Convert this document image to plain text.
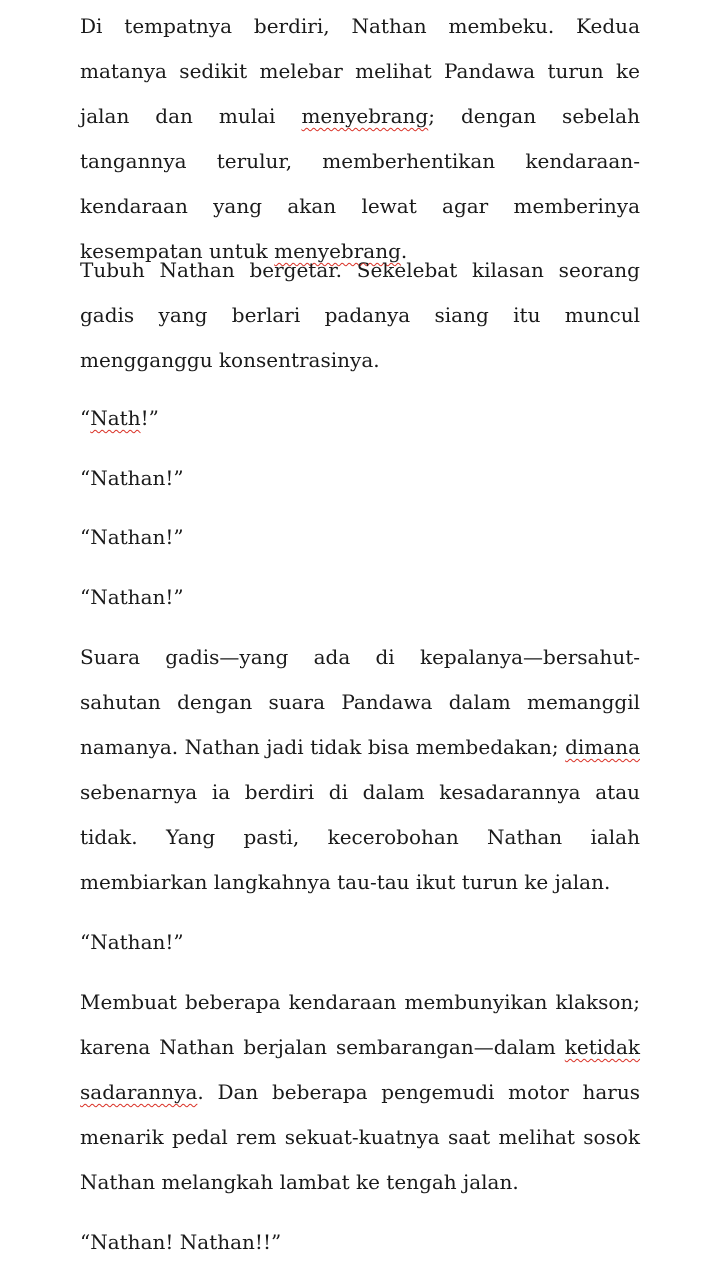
Di tempatnya berdiri, Nathan membeku. Kedua matanya sedikit melebar melihat Pandawa turun ke jalan dan mulai menyebrang; dengan sebelah tangannya terulur, memberhentikan kendaraan-kendaraan yang akan lewat agar memberinya kesempatan untuk menyebrang.

Tubuh Nathan bergetar. Sekelebat kilasan seorang gadis yang berlari padanya siang itu muncul mengganggu konsentrasinya.

“Nath!”

“Nathan!”

“Nathan!”

“Nathan!”

Suara gadis—yang ada di kepalanya—bersahut-sahutan dengan suara Pandawa dalam memanggil namanya. Nathan jadi tidak bisa membedakan; dimana sebenarnya ia berdiri di dalam kesadarannya atau tidak. Yang pasti, kecerobohan Nathan ialah membiarkan langkahnya tau-tau ikut turun ke jalan.

“Nathan!”

Membuat beberapa kendaraan membunyikan klakson; karena Nathan berjalan sembarangan—dalam ketidak sadarannya. Dan beberapa pengemudi motor harus menarik pedal rem sekuat-kuatnya saat melihat sosok Nathan melangkah lambat ke tengah jalan.

“Nathan! Nathan!!”
